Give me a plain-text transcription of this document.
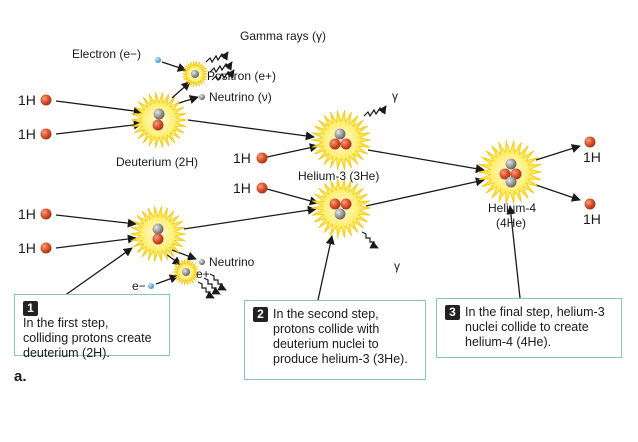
Electron (e−)
Gamma rays (γ)
Positron (e+)
Neutrino (ν)
Deuterium (2H)
Helium-3 (3He)
Helium-4
(4He)
γ
γ
Neutrino
e−
e+
1H
1H
1H
1H
1H
1H
1H
1H
1In the first step,
colliding protons create
deuterium (2H).
2 In the second step,
protons collide with
deuterium nuclei to
produce helium-3 (3He).
3 In the final step, helium-3
nuclei collide to create
helium-4 (4He).
a.
